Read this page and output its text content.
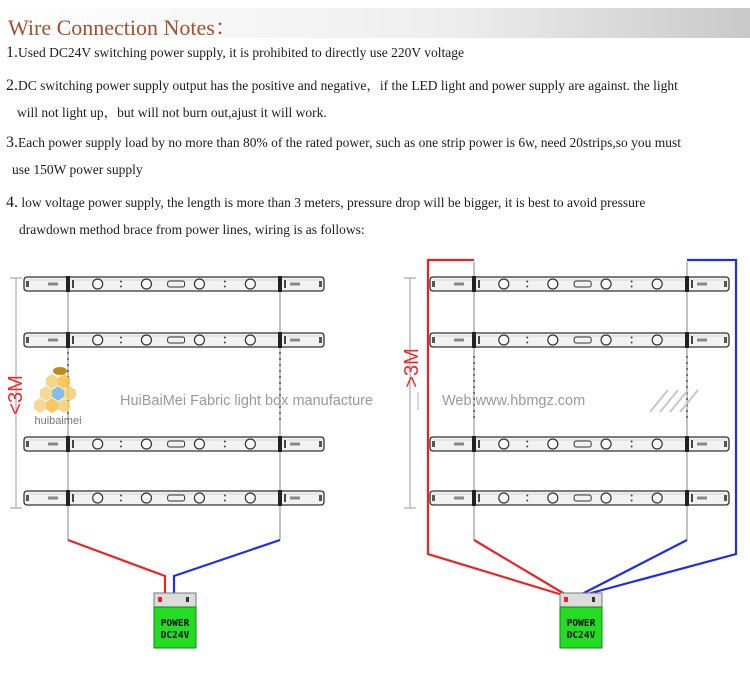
Wire Connection Notes：
1.Used DC24V switching power supply, it is prohibited to directly use 220V voltage
2.DC switching power supply output has the positive and negative，if the LED light and power supply are against. the light
will not light up，but will not burn out,ajust it will work.
3.Each power supply load by no more than 80% of the rated power, such as one strip power is 6w, need 20strips,so you must
use 150W power supply
4. low voltage power supply, the length is more than 3 meters, pressure drop will be bigger, it is best to avoid pressure
drawdown method brace from power lines, wiring is as follows:
<3M
POWER
DC24V
>3M
POWER
DC24V
huibaimei
HuiBaiMei Fabric light box manufacture	Web:www.hbmgz.com
